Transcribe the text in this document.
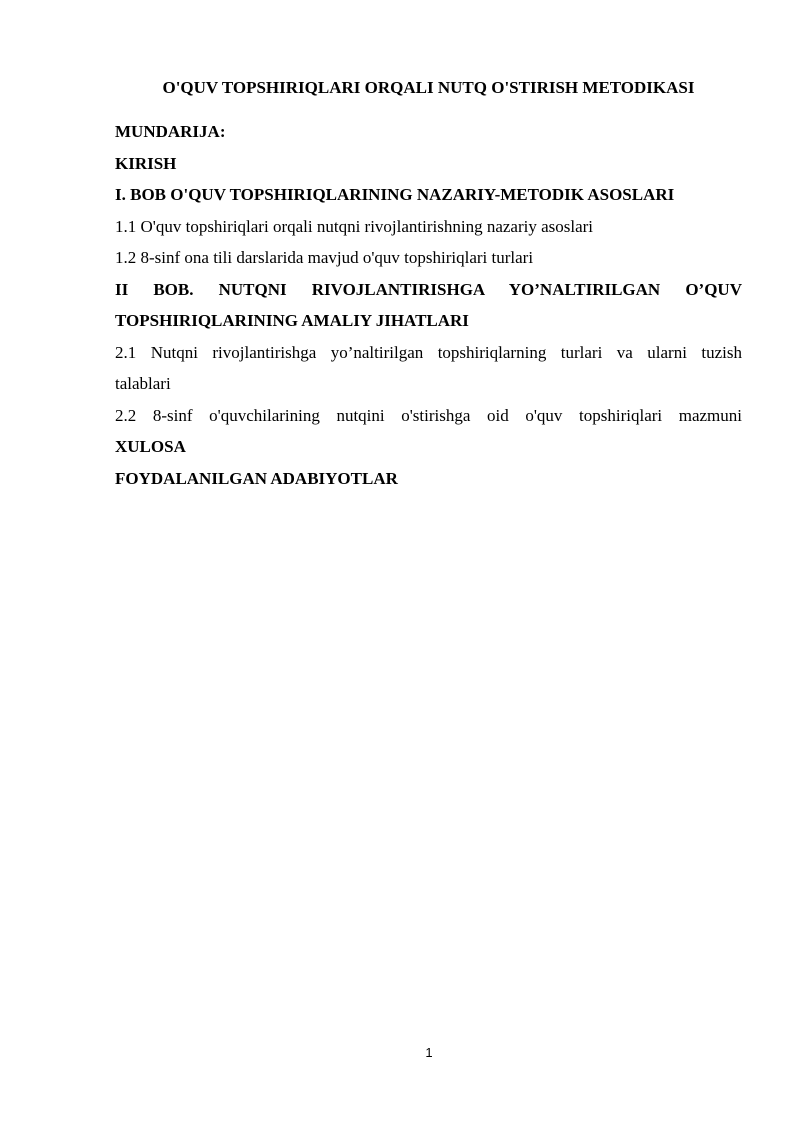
O'QUV TOPSHIRIQLARI ORQALI NUTQ O'STIRISH METODIKASI

MUNDARIJA:

KIRISH

I. BOB O'QUV TOPSHIRIQLARINING NAZARIY-METODIK ASOSLARI

1.1 O'quv topshiriqlari orqali nutqni rivojlantirishning nazariy asoslari

1.2 8-sinf ona tili darslarida mavjud o'quv topshiriqlari turlari

II BOB. NUTQNI RIVOJLANTIRISHGA YO’NALTIRILGAN O’QUV

TOPSHIRIQLARINING AMALIY JIHATLARI

2.1 Nutqni rivojlantirishga yo’naltirilgan topshiriqlarning turlari va ularni tuzish

talablari

2.2 8-sinf o'quvchilarining nutqini o'stirishga oid o'quv topshiriqlari mazmuni

XULOSA

FOYDALANILGAN ADABIYOTLAR

1
